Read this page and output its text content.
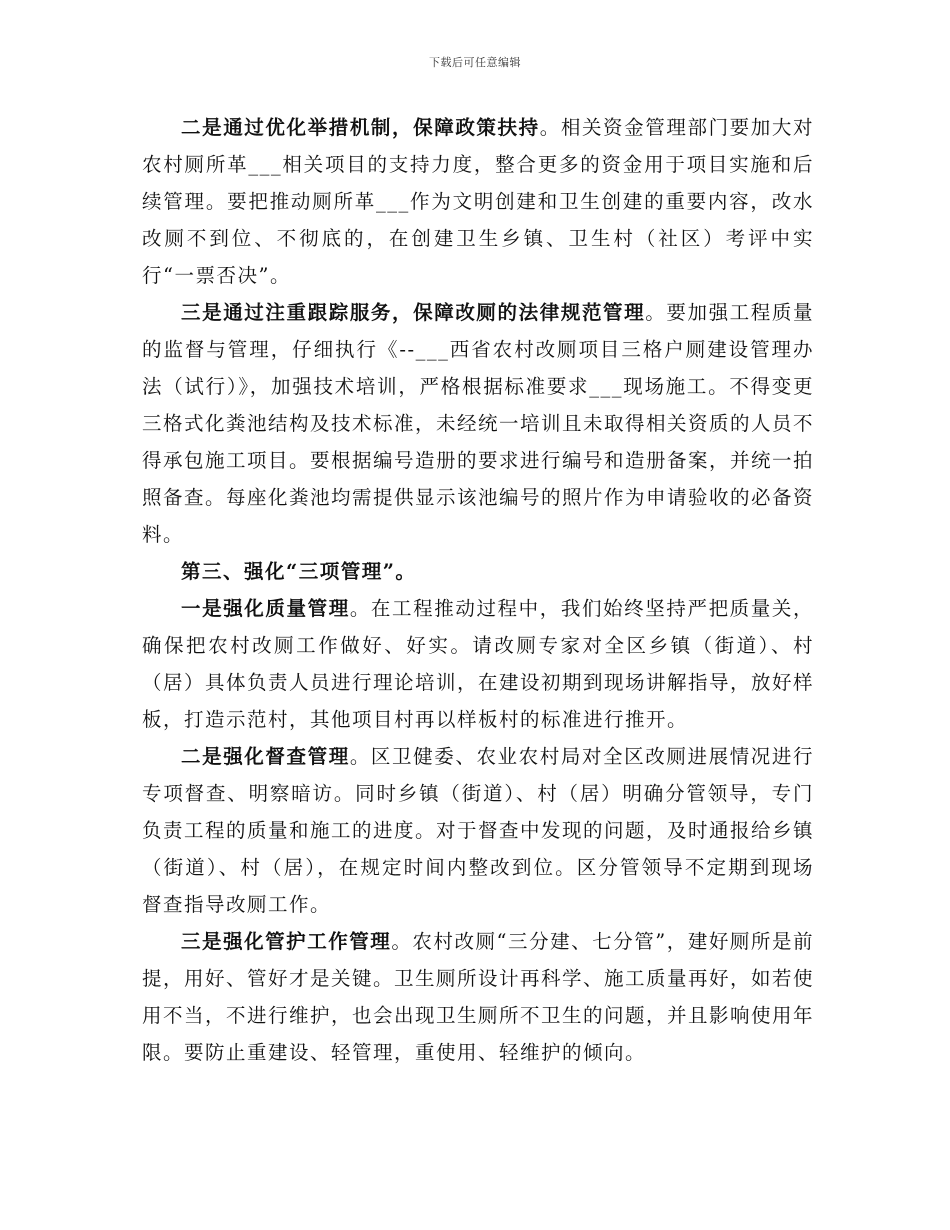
下载后可任意编辑

二是通过优化举措机制，保障政策扶持。相关资金管理部门要加大对农村厕所革___相关项目的支持力度，整合更多的资金用于项目实施和后续管理。要把推动厕所革___作为文明创建和卫生创建的重要内容，改水改厕不到位、不彻底的，在创建卫生乡镇、卫生村（社区）考评中实行“一票否决”。

三是通过注重跟踪服务，保障改厕的法律规范管理。要加强工程质量的监督与管理，仔细执行《--___西省农村改厕项目三格户厕建设管理办法（试行）》，加强技术培训，严格根据标准要求___现场施工。不得变更三格式化粪池结构及技术标准，未经统一培训且未取得相关资质的人员不得承包施工项目。要根据编号造册的要求进行编号和造册备案，并统一拍照备查。每座化粪池均需提供显示该池编号的照片作为申请验收的必备资料。

第三、强化“三项管理”。

一是强化质量管理。在工程推动过程中，我们始终坚持严把质量关，确保把农村改厕工作做好、好实。请改厕专家对全区乡镇（街道）、村（居）具体负责人员进行理论培训，在建设初期到现场讲解指导，放好样板，打造示范村，其他项目村再以样板村的标准进行推开。

二是强化督查管理。区卫健委、农业农村局对全区改厕进展情况进行专项督查、明察暗访。同时乡镇（街道）、村（居）明确分管领导，专门负责工程的质量和施工的进度。对于督查中发现的问题，及时通报给乡镇（街道）、村（居），在规定时间内整改到位。区分管领导不定期到现场督查指导改厕工作。

三是强化管护工作管理。农村改厕“三分建、七分管”，建好厕所是前提，用好、管好才是关键。卫生厕所设计再科学、施工质量再好，如若使用不当，不进行维护，也会出现卫生厕所不卫生的问题，并且影响使用年限。要防止重建设、轻管理，重使用、轻维护的倾向。
